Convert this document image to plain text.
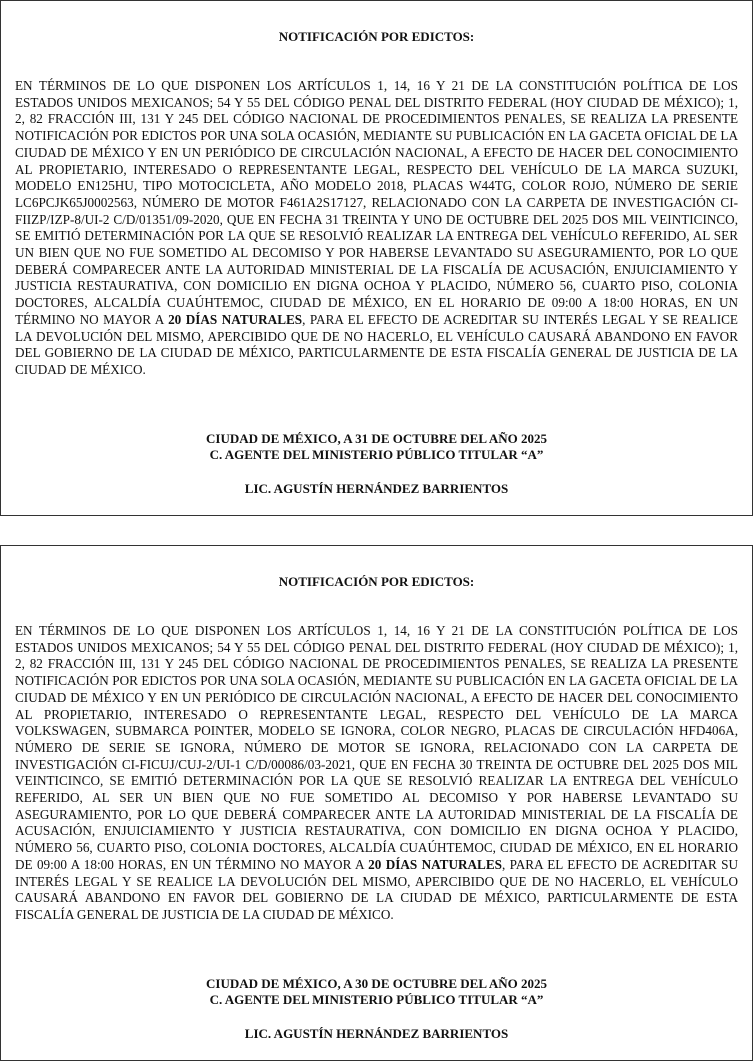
NOTIFICACIÓN POR EDICTOS:
EN TÉRMINOS DE LO QUE DISPONEN LOS ARTÍCULOS 1, 14, 16 Y 21 DE LA CONSTITUCIÓN POLÍTICA DE LOS ESTADOS UNIDOS MEXICANOS; 54 Y 55 DEL CÓDIGO PENAL DEL DISTRITO FEDERAL (HOY CIUDAD DE MÉXICO); 1, 2, 82 FRACCIÓN III, 131 Y 245 DEL CÓDIGO NACIONAL DE PROCEDIMIENTOS PENALES, SE REALIZA LA PRESENTE NOTIFICACIÓN POR EDICTOS POR UNA SOLA OCASIÓN, MEDIANTE SU PUBLICACIÓN EN LA GACETA OFICIAL DE LA CIUDAD DE MÉXICO Y EN UN PERIÓDICO DE CIRCULACIÓN NACIONAL, A EFECTO DE HACER DEL CONOCIMIENTO AL PROPIETARIO, INTERESADO O REPRESENTANTE LEGAL, RESPECTO DEL VEHÍCULO DE LA MARCA SUZUKI, MODELO EN125HU, TIPO MOTOCICLETA, AÑO MODELO 2018, PLACAS W44TG, COLOR ROJO, NÚMERO DE SERIE LC6PCJK65J0002563, NÚMERO DE MOTOR F461A2S17127, RELACIONADO CON LA CARPETA DE INVESTIGACIÓN CI-FIIZP/IZP-8/UI-2 C/D/01351/09-2020, QUE EN FECHA 31 TREINTA Y UNO DE OCTUBRE DEL 2025 DOS MIL VEINTICINCO, SE EMITIÓ DETERMINACIÓN POR LA QUE SE RESOLVIÓ REALIZAR LA ENTREGA DEL VEHÍCULO REFERIDO, AL SER UN BIEN QUE NO FUE SOMETIDO AL DECOMISO Y POR HABERSE LEVANTADO SU ASEGURAMIENTO, POR LO QUE DEBERÁ COMPARECER ANTE LA AUTORIDAD MINISTERIAL DE LA FISCALÍA DE ACUSACIÓN, ENJUICIAMIENTO Y JUSTICIA RESTAURATIVA, CON DOMICILIO EN DIGNA OCHOA Y PLACIDO, NÚMERO 56, CUARTO PISO, COLONIA DOCTORES, ALCALDÍA CUAÚHTEMOC, CIUDAD DE MÉXICO, EN EL HORARIO DE 09:00 A 18:00 HORAS, EN UN TÉRMINO NO MAYOR A 20 DÍAS NATURALES, PARA EL EFECTO DE ACREDITAR SU INTERÉS LEGAL Y SE REALICE LA DEVOLUCIÓN DEL MISMO, APERCIBIDO QUE DE NO HACERLO, EL VEHÍCULO CAUSARÁ ABANDONO EN FAVOR DEL GOBIERNO DE LA CIUDAD DE MÉXICO, PARTICULARMENTE DE ESTA FISCALÍA GENERAL DE JUSTICIA DE LA CIUDAD DE MÉXICO.
CIUDAD DE MÉXICO, A 31 DE OCTUBRE DEL AÑO 2025
C. AGENTE DEL MINISTERIO PÚBLICO TITULAR “A”
LIC. AGUSTÍN HERNÁNDEZ BARRIENTOS
NOTIFICACIÓN POR EDICTOS:
EN TÉRMINOS DE LO QUE DISPONEN LOS ARTÍCULOS 1, 14, 16 Y 21 DE LA CONSTITUCIÓN POLÍTICA DE LOS ESTADOS UNIDOS MEXICANOS; 54 Y 55 DEL CÓDIGO PENAL DEL DISTRITO FEDERAL (HOY CIUDAD DE MÉXICO); 1, 2, 82 FRACCIÓN III, 131 Y 245 DEL CÓDIGO NACIONAL DE PROCEDIMIENTOS PENALES, SE REALIZA LA PRESENTE NOTIFICACIÓN POR EDICTOS POR UNA SOLA OCASIÓN, MEDIANTE SU PUBLICACIÓN EN LA GACETA OFICIAL DE LA CIUDAD DE MÉXICO Y EN UN PERIÓDICO DE CIRCULACIÓN NACIONAL, A EFECTO DE HACER DEL CONOCIMIENTO AL PROPIETARIO, INTERESADO O REPRESENTANTE LEGAL, RESPECTO DEL VEHÍCULO DE LA MARCA VOLKSWAGEN, SUBMARCA POINTER, MODELO SE IGNORA, COLOR NEGRO, PLACAS DE CIRCULACIÓN HFD406A, NÚMERO DE SERIE SE IGNORA, NÚMERO DE MOTOR SE IGNORA, RELACIONADO CON LA CARPETA DE INVESTIGACIÓN CI-FICUJ/CUJ-2/UI-1 C/D/00086/03-2021, QUE EN FECHA 30 TREINTA DE OCTUBRE DEL 2025 DOS MIL VEINTICINCO, SE EMITIÓ DETERMINACIÓN POR LA QUE SE RESOLVIÓ REALIZAR LA ENTREGA DEL VEHÍCULO REFERIDO, AL SER UN BIEN QUE NO FUE SOMETIDO AL DECOMISO Y POR HABERSE LEVANTADO SU ASEGURAMIENTO, POR LO QUE DEBERÁ COMPARECER ANTE LA AUTORIDAD MINISTERIAL DE LA FISCALÍA DE ACUSACIÓN, ENJUICIAMIENTO Y JUSTICIA RESTAURATIVA, CON DOMICILIO EN DIGNA OCHOA Y PLACIDO, NÚMERO 56, CUARTO PISO, COLONIA DOCTORES, ALCALDÍA CUAÚHTEMOC, CIUDAD DE MÉXICO, EN EL HORARIO DE 09:00 A 18:00 HORAS, EN UN TÉRMINO NO MAYOR A 20 DÍAS NATURALES, PARA EL EFECTO DE ACREDITAR SU INTERÉS LEGAL Y SE REALICE LA DEVOLUCIÓN DEL MISMO, APERCIBIDO QUE DE NO HACERLO, EL VEHÍCULO CAUSARÁ ABANDONO EN FAVOR DEL GOBIERNO DE LA CIUDAD DE MÉXICO, PARTICULARMENTE DE ESTA FISCALÍA GENERAL DE JUSTICIA DE LA CIUDAD DE MÉXICO.
CIUDAD DE MÉXICO, A 30 DE OCTUBRE DEL AÑO 2025
C. AGENTE DEL MINISTERIO PÚBLICO TITULAR “A”
LIC. AGUSTÍN HERNÁNDEZ BARRIENTOS
